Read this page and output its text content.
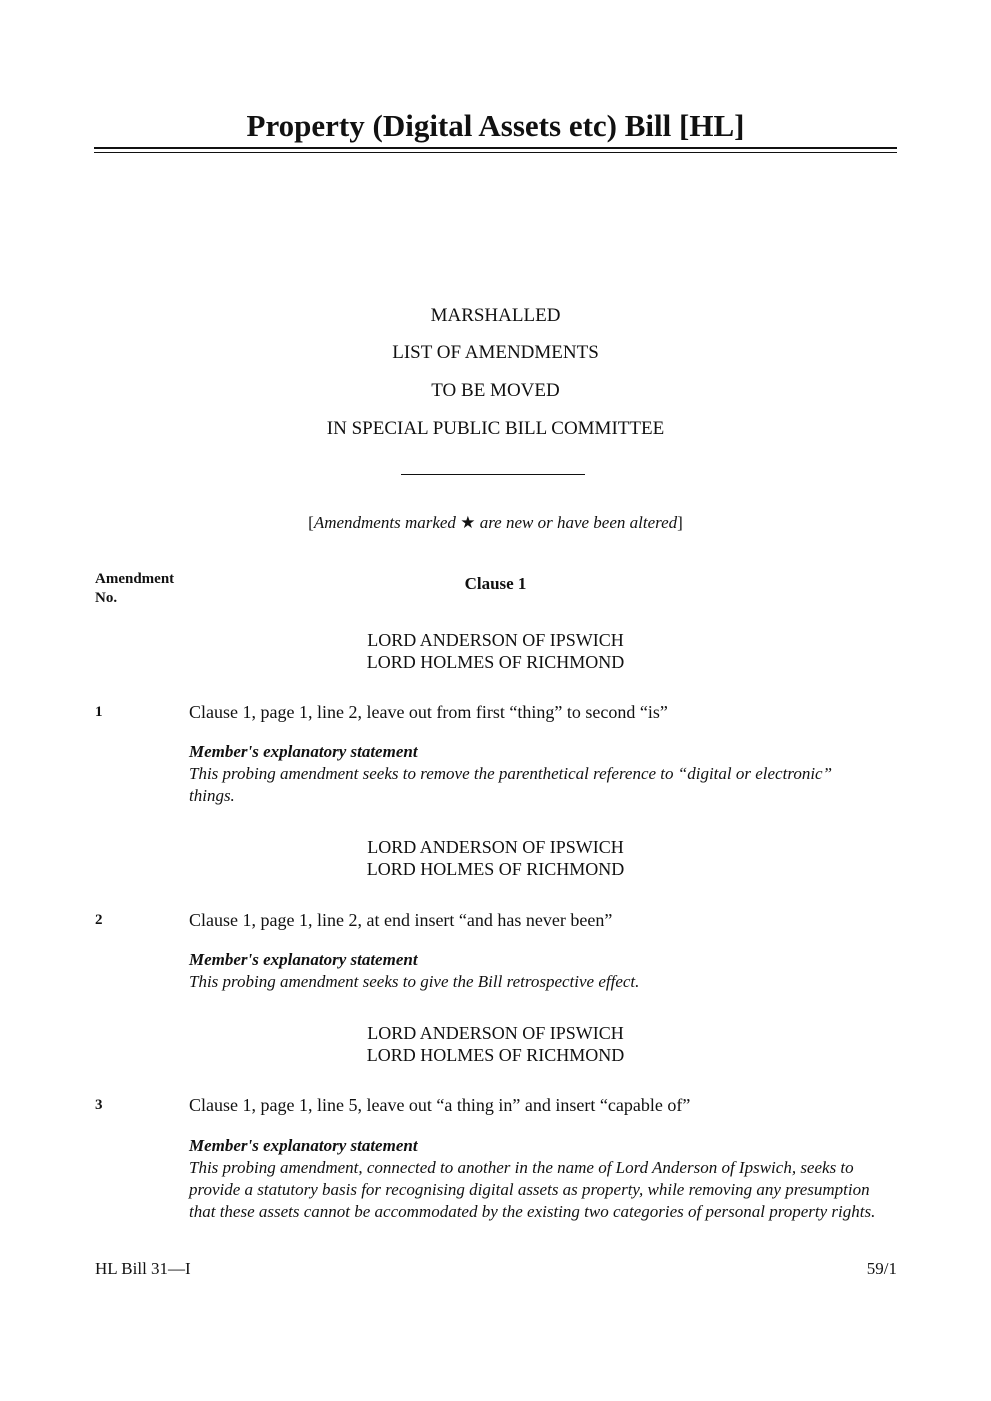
Property (Digital Assets etc) Bill [HL]
MARSHALLED
LIST OF AMENDMENTS
TO BE MOVED
IN SPECIAL PUBLIC BILL COMMITTEE
[Amendments marked ★ are new or have been altered]
Amendment
No.
Clause 1
LORD ANDERSON OF IPSWICH
LORD HOLMES OF RICHMOND
1	Clause 1, page 1, line 2, leave out from first “thing” to second “is”
Member's explanatory statement
This probing amendment seeks to remove the parenthetical reference to “digital or electronic” things.
LORD ANDERSON OF IPSWICH
LORD HOLMES OF RICHMOND
2	Clause 1, page 1, line 2, at end insert “and has never been”
Member's explanatory statement
This probing amendment seeks to give the Bill retrospective effect.
LORD ANDERSON OF IPSWICH
LORD HOLMES OF RICHMOND
3	Clause 1, page 1, line 5, leave out “a thing in” and insert “capable of”
Member's explanatory statement
This probing amendment, connected to another in the name of Lord Anderson of Ipswich, seeks to provide a statutory basis for recognising digital assets as property, while removing any presumption that these assets cannot be accommodated by the existing two categories of personal property rights.
HL Bill 31—I	59/1
